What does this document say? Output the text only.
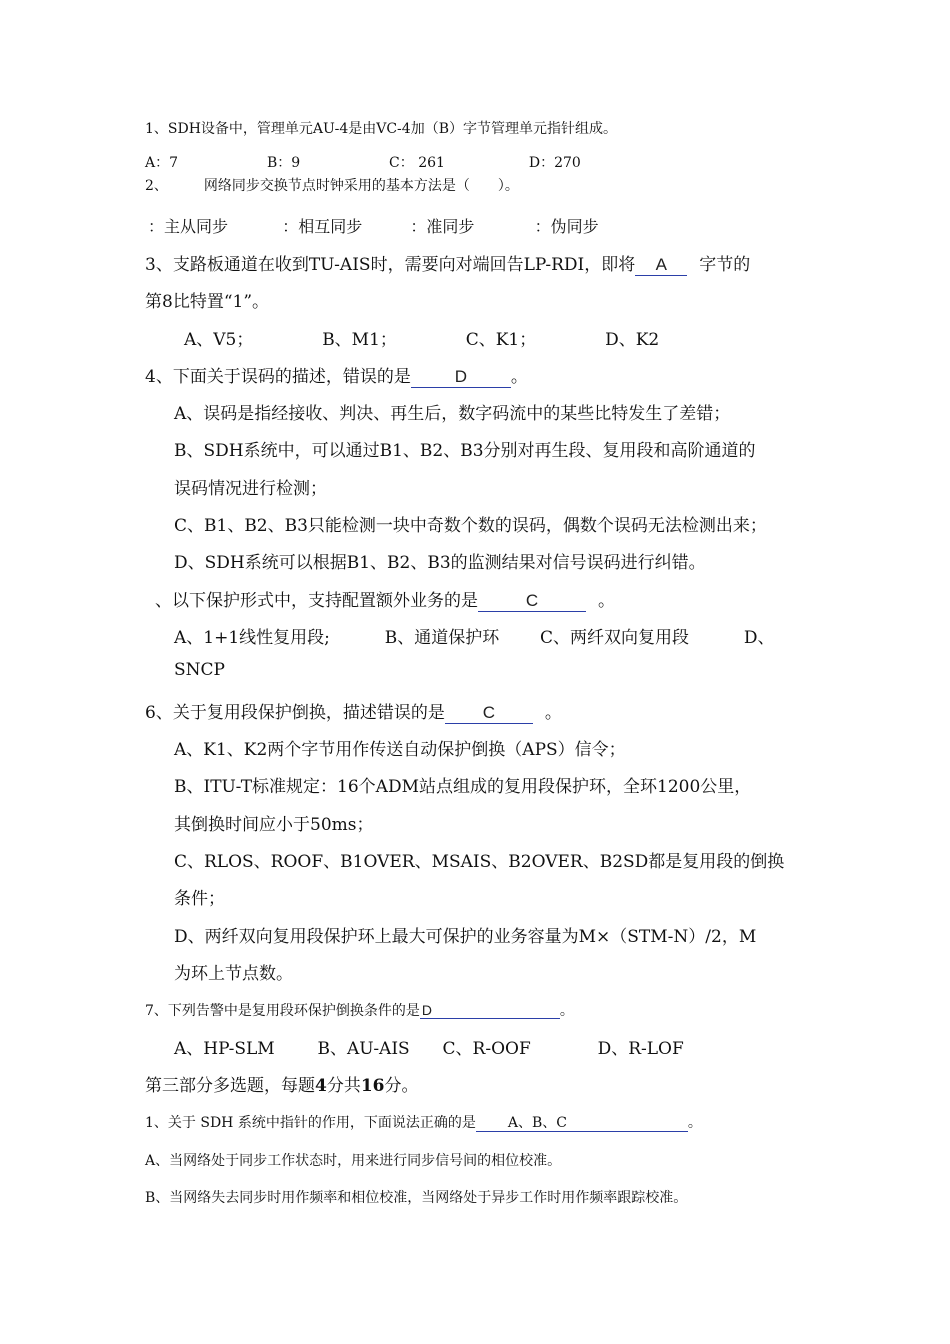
1、SDH设备中，管理单元AU-4是由VC-4加（B）字节管理单元指针组成。
A：7	B：9	C： 261	D：270
2、	网络同步交换节点时钟采用的基本方法是（　　）。
：主从同步	：相互同步	：准同步	：伪同步
3、支路板通道在收到TU-AIS时，需要向对端回告LP-RDI，即将 A 字节的
第8比特置“1”。
A、V5；	B、M1；	C、K1；	D、K2
4、下面关于误码的描述，错误的是	D	。
A、误码是指经接收、判决、再生后，数字码流中的某些比特发生了差错；
B、SDH系统中，可以通过B1、B2、B3分别对再生段、复用段和高阶通道的
误码情况进行检测；
C、B1、B2、B3只能检测一块中奇数个数的误码，偶数个误码无法检测出来；
D、SDH系统可以根据B1、B2、B3的监测结果对信号误码进行纠错。
、以下保护形式中，支持配置额外业务的是	C	。
A、1+1线性复用段;	B、通道保护环 C、两纤双向复用段	D、
SNCP
6、关于复用段保护倒换，描述错误的是 C	。
A、K1、K2两个字节用作传送自动保护倒换（APS）信令；
B、ITU-T标准规定：16个ADM站点组成的复用段保护环，全环1200公里，
其倒换时间应小于50ms；
C、RLOS、ROOF、B1OVER、MSAIS、B2OVER、B2SD都是复用段的倒换
条件；
D、两纤双向复用段保护环上最大可保护的业务容量为M×（STM-N）/2，M
为环上节点数。
7、下列告警中是复用段环保护倒换条件的是 D	。
A、HP-SLM	B、AU-AIS C、R-OOF	D、R-LOF
第三部分多选题，每题4分共16分。
1、关于 SDH 系统中指针的作用，下面说法正确的是 A、B、C	。
A、当网络处于同步工作状态时，用来进行同步信号间的相位校准。
B、当网络失去同步时用作频率和相位校准，当网络处于异步工作时用作频率跟踪校准。
